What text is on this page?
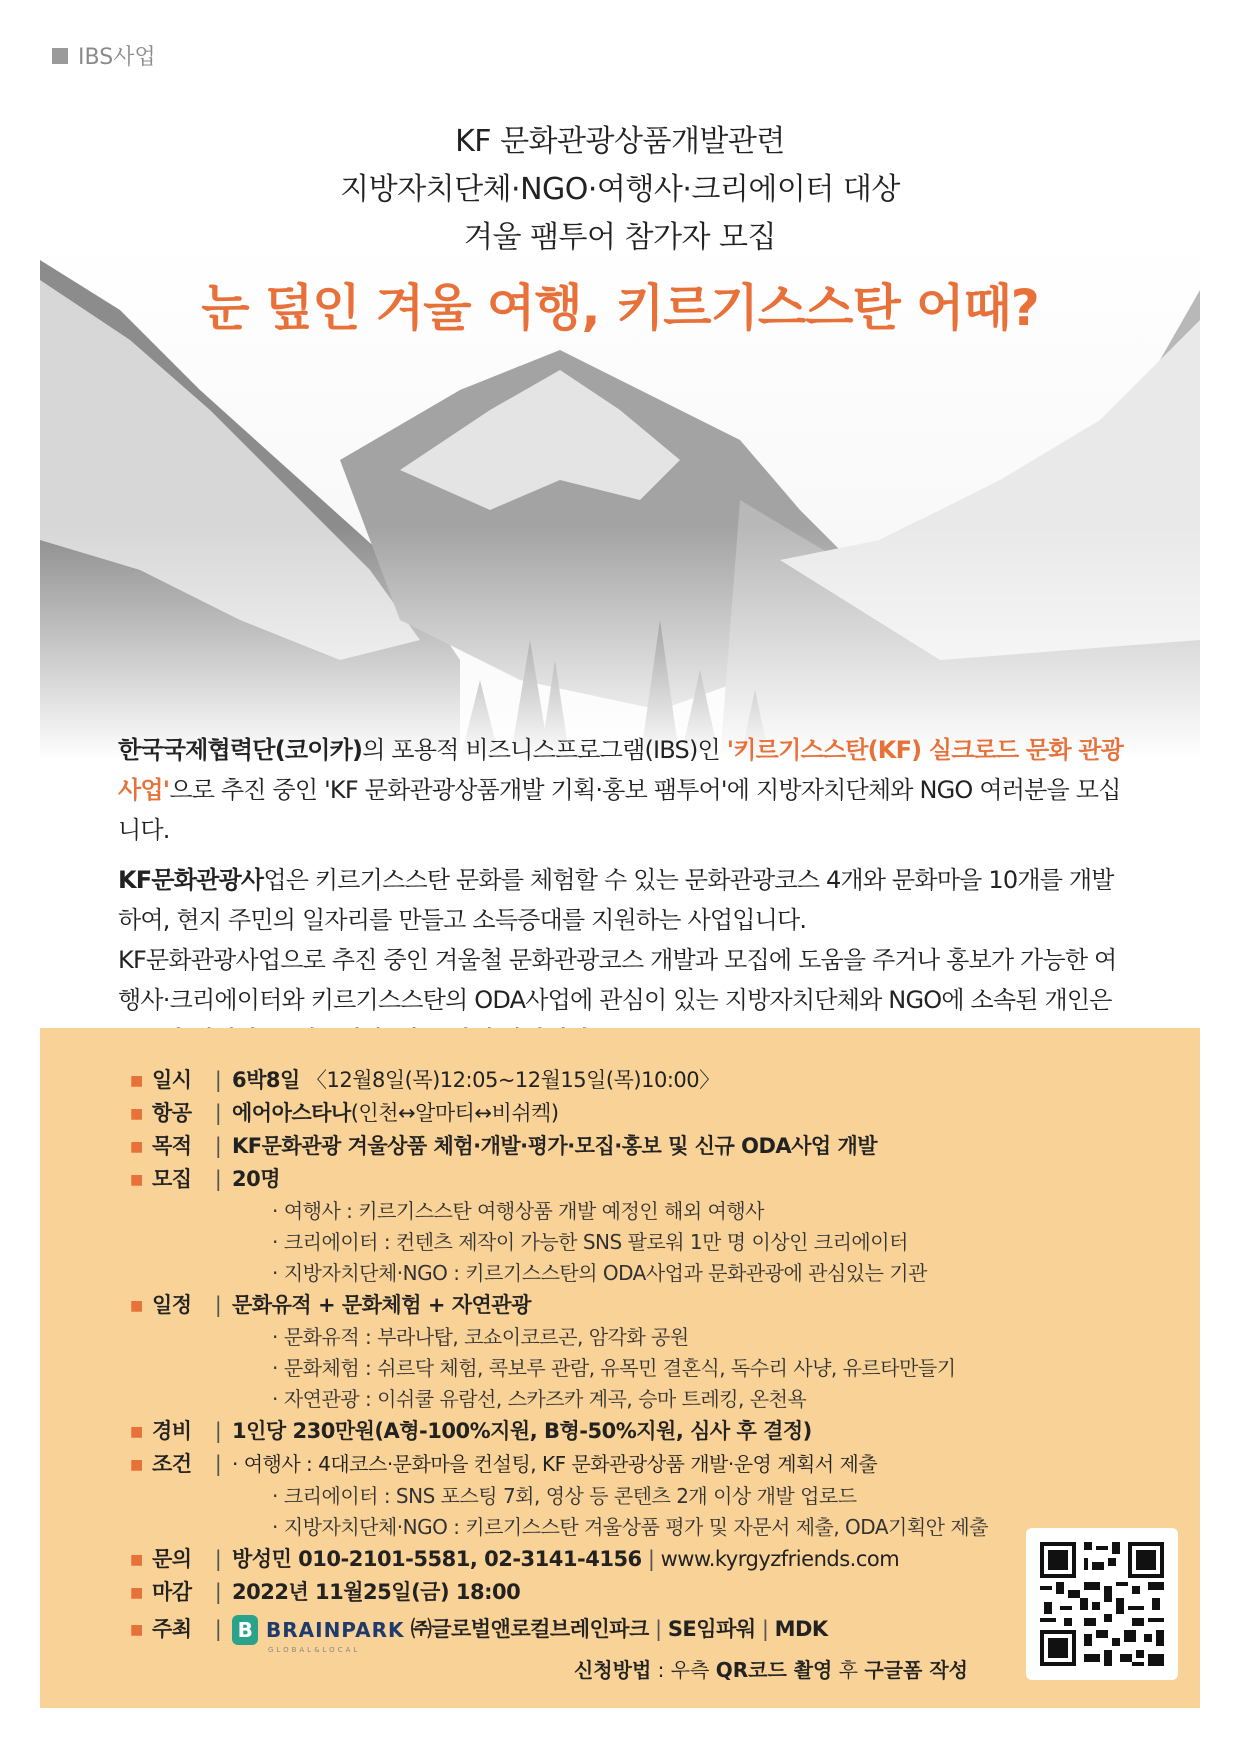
IBS사업
KF 문화관광상품개발관련
지방자치단체·NGO·여행사·크리에이터 대상
겨울 팸투어 참가자 모집
눈 덮인 겨울 여행, 키르기스스탄 어때?

한국국제협력단(코이카)의 포용적 비즈니스프로그램(IBS)인 '키르기스스탄(KF) 실크로드 문화 관광 사업'으로 추진 중인 'KF 문화관광상품개발 기획·홍보 팸투어'에 지방자치단체와 NGO 여러분을 모십니다.

KF문화관광사업은 키르기스스탄 문화를 체험할 수 있는 문화관광코스 4개와 문화마을 10개를 개발하여, 현지 주민의 일자리를 만들고 소득증대를 지원하는 사업입니다.
KF문화관광사업으로 추진 중인 겨울철 문화관광코스 개발과 모집에 도움을 주거나 홍보가 가능한 여행사·크리에이터와 키르기스스탄의 ODA사업에 관심이 있는 지방자치단체와 NGO에 소속된 개인은

■ 일시	| 6박8일 〈12월8일(목)12:05~12월15일(목)10:00〉
■ 항공	| 에어아스타나(인천↔알마티↔비쉬켁)
■ 목적	| KF문화관광 겨울상품 체험·개발·평가·모집·홍보 및 신규 ODA사업 개발
■ 모집	| 20명
· 여행사 : 키르기스스탄 여행상품 개발 예정인 해외 여행사
· 크리에이터 : 컨텐츠 제작이 가능한 SNS 팔로워 1만 명 이상인 크리에이터
· 지방자치단체·NGO : 키르기스스탄의 ODA사업과 문화관광에 관심있는 기관
■ 일정	| 문화유적 + 문화체험 + 자연관광
· 문화유적 : 부라나탑, 코쇼이코르곤, 암각화 공원
· 문화체험 : 쉬르닥 체험, 콕보루 관람, 유목민 결혼식, 독수리 사냥, 유르타만들기
· 자연관광 : 이쉬쿨 유람선, 스카즈카 계곡, 승마 트레킹, 온천욕
■ 경비	| 1인당 230만원(A형-100%지원, B형-50%지원, 심사 후 결정)
■ 조건	| · 여행사 : 4대코스·문화마을 컨설팅, KF 문화관광상품 개발·운영 계획서 제출
· 크리에이터 : SNS 포스팅 7회, 영상 등 콘텐츠 2개 이상 개발 업로드
· 지방자치단체·NGO : 키르기스스탄 겨울상품 평가 및 자문서 제출, ODA기획안 제출
■ 문의	| 방성민 010-2101-5581, 02-3141-4156 | www.kyrgyzfriends.com
■ 마감	| 2022년 11월25일(금) 18:00
■ 주최	| B BRAINPARK ㈜글로벌앤로컬브레인파크 | SE임파워 | MDK
GLOBAL&LOCAL
신청방법 : 우측 QR코드 촬영 후 구글폼 작성
